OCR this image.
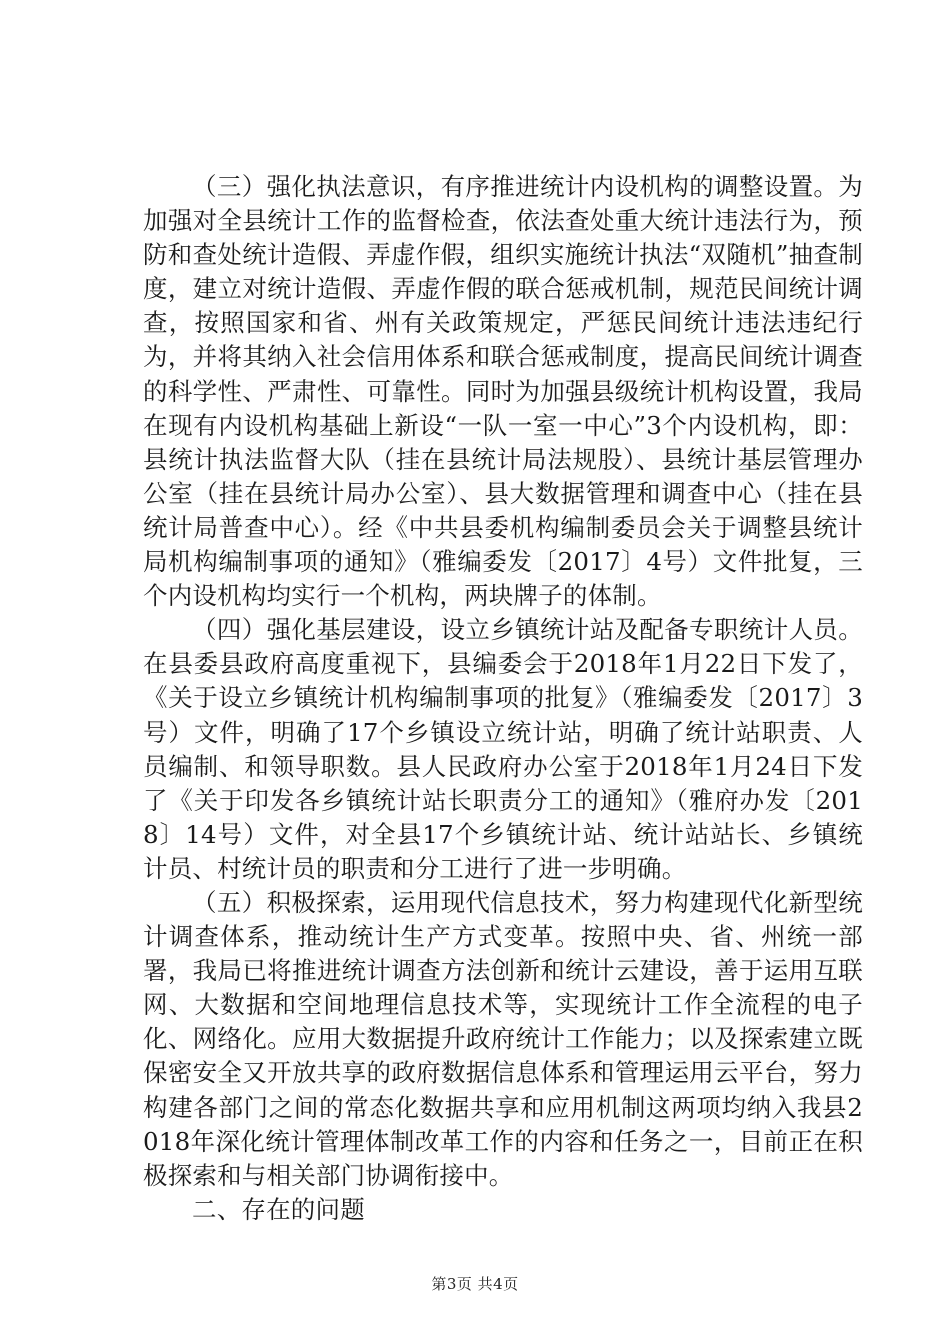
（三）强化执法意识，有序推进统计内设机构的调整设置。为加强对全县统计工作的监督检查，依法查处重大统计违法行为，预防和查处统计造假、弄虚作假，组织实施统计执法“双随机”抽查制度，建立对统计造假、弄虚作假的联合惩戒机制，规范民间统计调查，按照国家和省、州有关政策规定，严惩民间统计违法违纪行为，并将其纳入社会信用体系和联合惩戒制度，提高民间统计调查的科学性、严肃性、可靠性。同时为加强县级统计机构设置，我局在现有内设机构基础上新设“一队一室一中心”3个内设机构，即：县统计执法监督大队（挂在县统计局法规股）、县统计基层管理办公室（挂在县统计局办公室）、县大数据管理和调查中心（挂在县统计局普查中心）。经《中共县委机构编制委员会关于调整县统计局机构编制事项的通知》（雅编委发〔2017〕4号）文件批复，三个内设机构均实行一个机构，两块牌子的体制。

（四）强化基层建设，设立乡镇统计站及配备专职统计人员。在县委县政府高度重视下，县编委会于2018年1月22日下发了，《关于设立乡镇统计机构编制事项的批复》（雅编委发〔2017〕3号）文件，明确了17个乡镇设立统计站，明确了统计站职责、人员编制、和领导职数。县人民政府办公室于2018年1月24日下发了《关于印发各乡镇统计站长职责分工的通知》（雅府办发〔2018〕14号）文件，对全县17个乡镇统计站、统计站站长、乡镇统计员、村统计员的职责和分工进行了进一步明确。

（五）积极探索，运用现代信息技术，努力构建现代化新型统计调查体系，推动统计生产方式变革。按照中央、省、州统一部署，我局已将推进统计调查方法创新和统计云建设，善于运用互联网、大数据和空间地理信息技术等，实现统计工作全流程的电子化、网络化。应用大数据提升政府统计工作能力；以及探索建立既保密安全又开放共享的政府数据信息体系和管理运用云平台，努力构建各部门之间的常态化数据共享和应用机制这两项均纳入我县2018年深化统计管理体制改革工作的内容和任务之一，目前正在积极探索和与相关部门协调衔接中。

二、存在的问题

第3页 共4页
